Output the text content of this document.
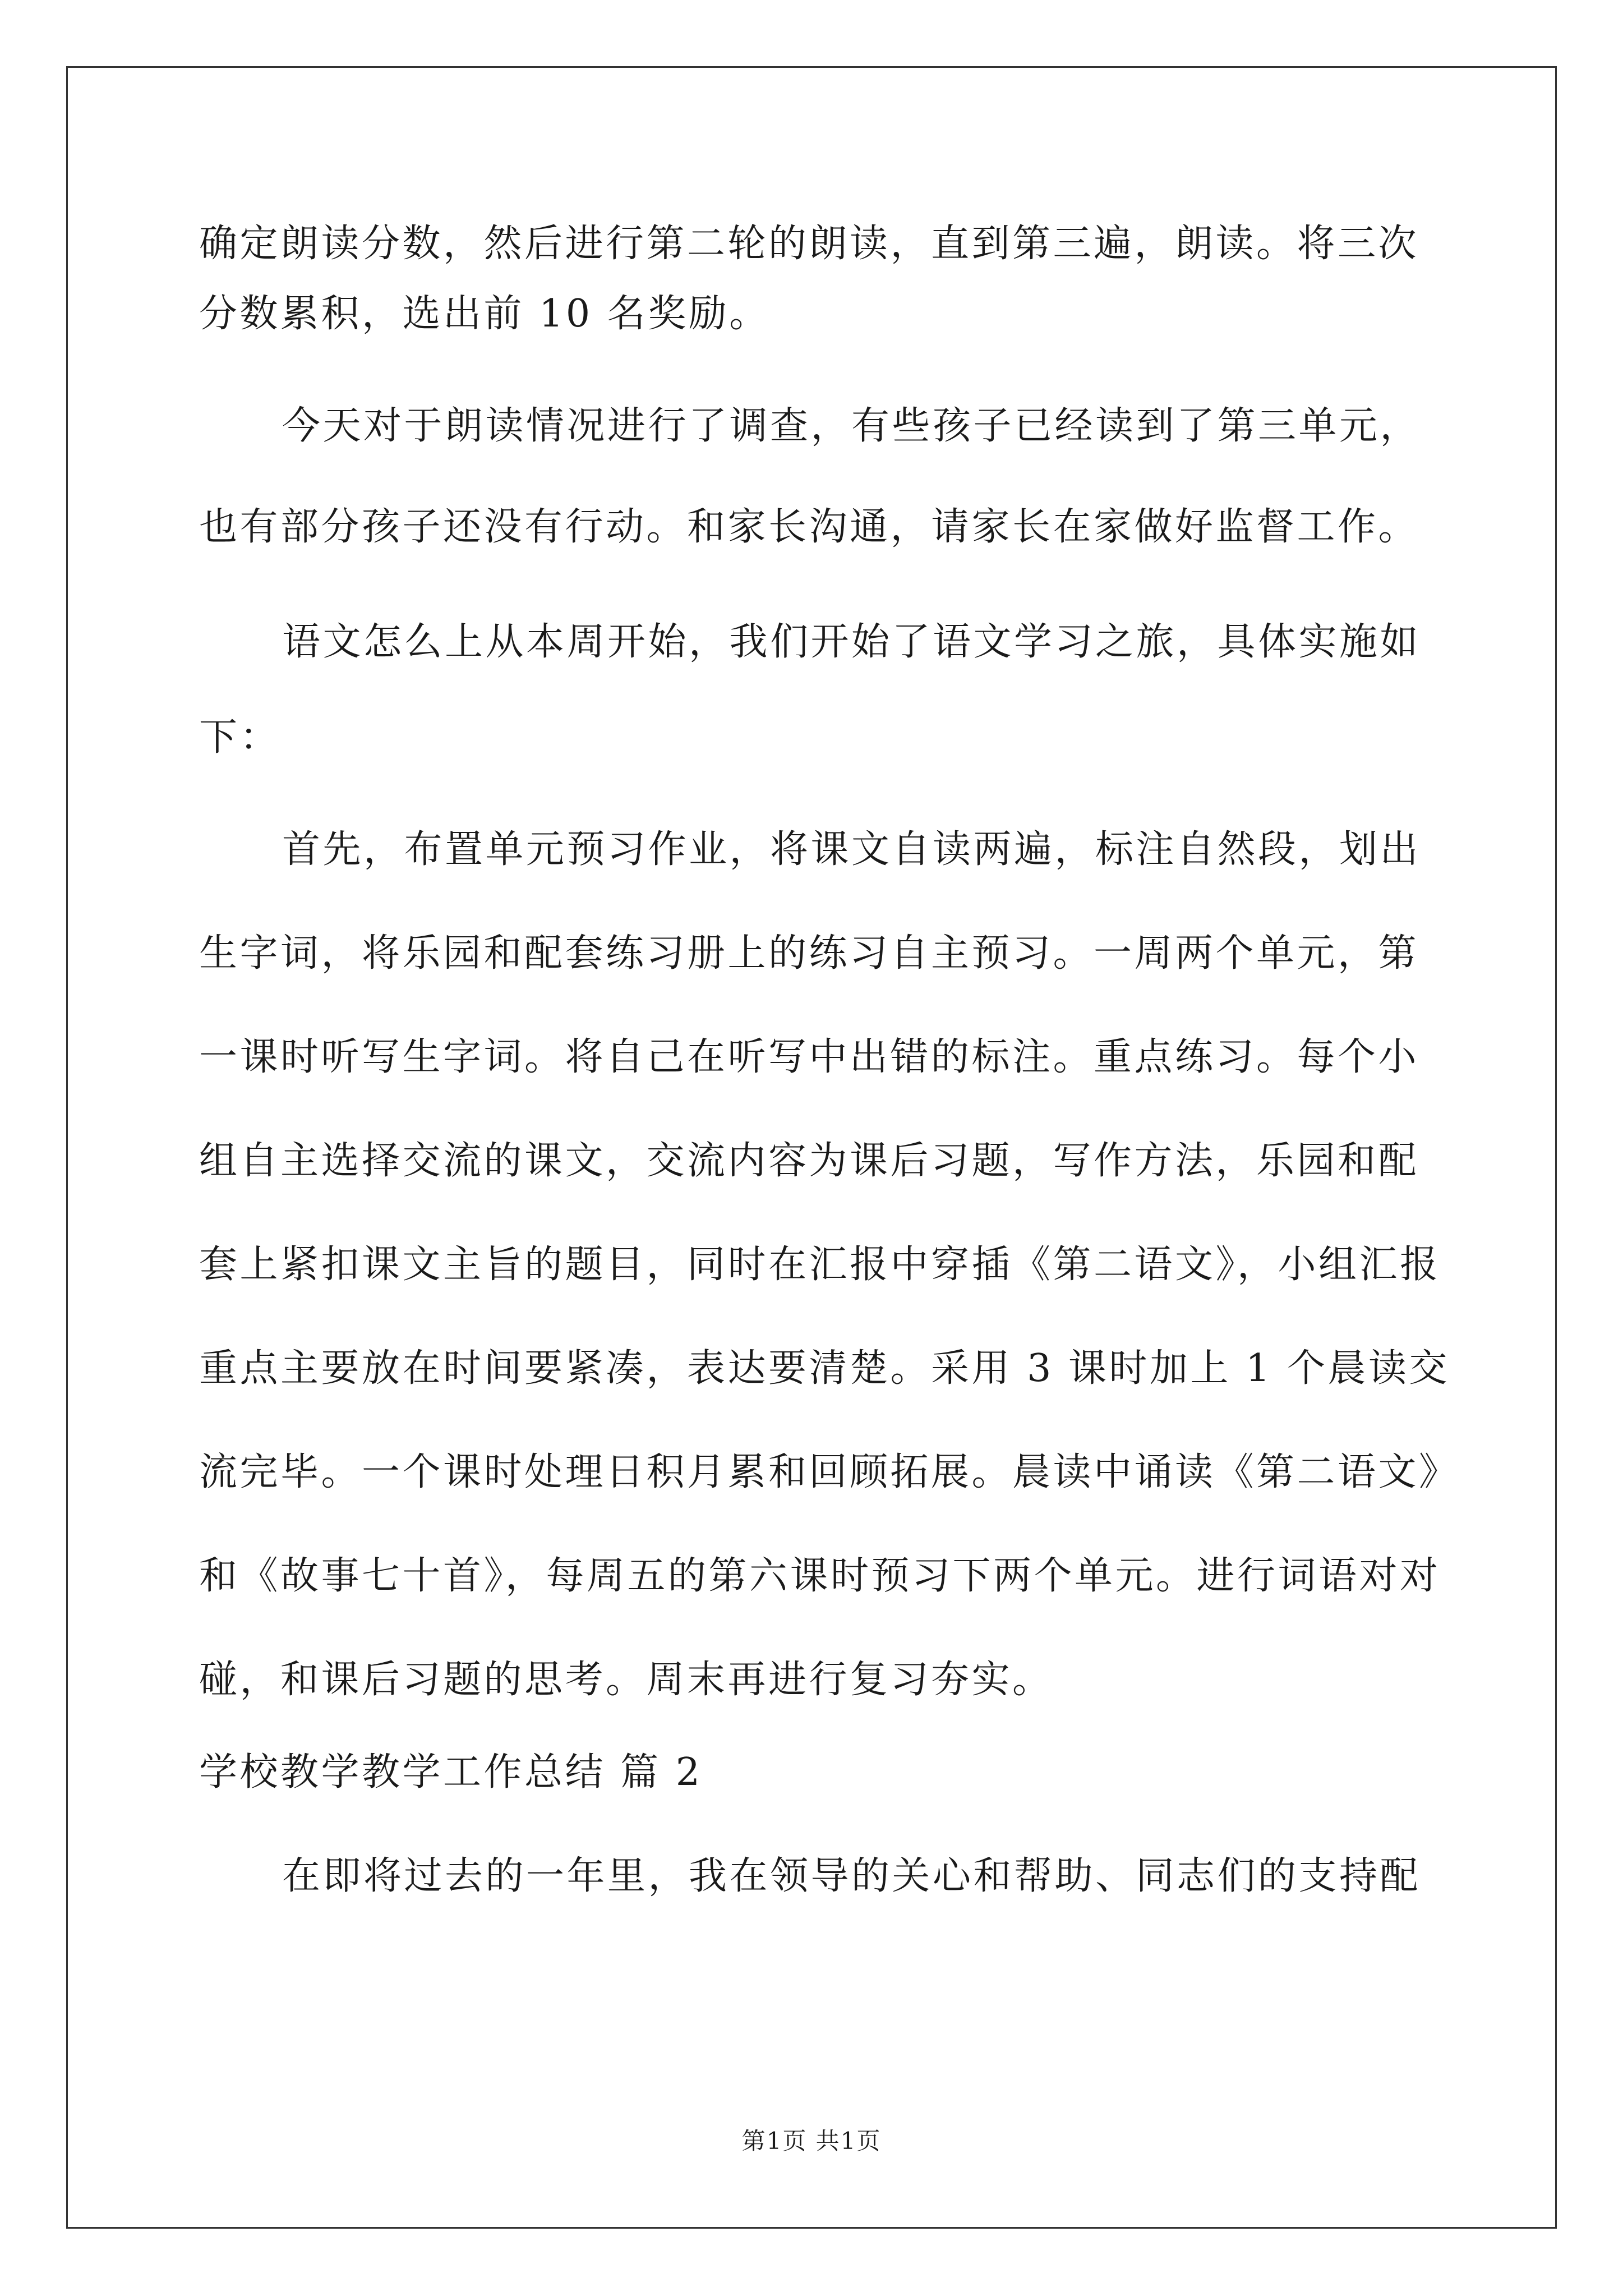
确定朗读分数，然后进行第二轮的朗读，直到第三遍，朗读。将三次
分数累积，选出前 10 名奖励。
今天对于朗读情况进行了调查，有些孩子已经读到了第三单元，
也有部分孩子还没有行动。和家长沟通，请家长在家做好监督工作。
语文怎么上从本周开始，我们开始了语文学习之旅，具体实施如
下：
首先，布置单元预习作业，将课文自读两遍，标注自然段，划出
生字词，将乐园和配套练习册上的练习自主预习。一周两个单元，第
一课时听写生字词。将自己在听写中出错的标注。重点练习。每个小
组自主选择交流的课文，交流内容为课后习题，写作方法，乐园和配
套上紧扣课文主旨的题目，同时在汇报中穿插《第二语文》，小组汇报
重点主要放在时间要紧凑，表达要清楚。采用 3 课时加上 1 个晨读交
流完毕。一个课时处理日积月累和回顾拓展。晨读中诵读《第二语文》
和《故事七十首》，每周五的第六课时预习下两个单元。进行词语对对
碰，和课后习题的思考。周末再进行复习夯实。
学校教学教学工作总结 篇 2
在即将过去的一年里，我在领导的关心和帮助、同志们的支持配
第1页 共1页
